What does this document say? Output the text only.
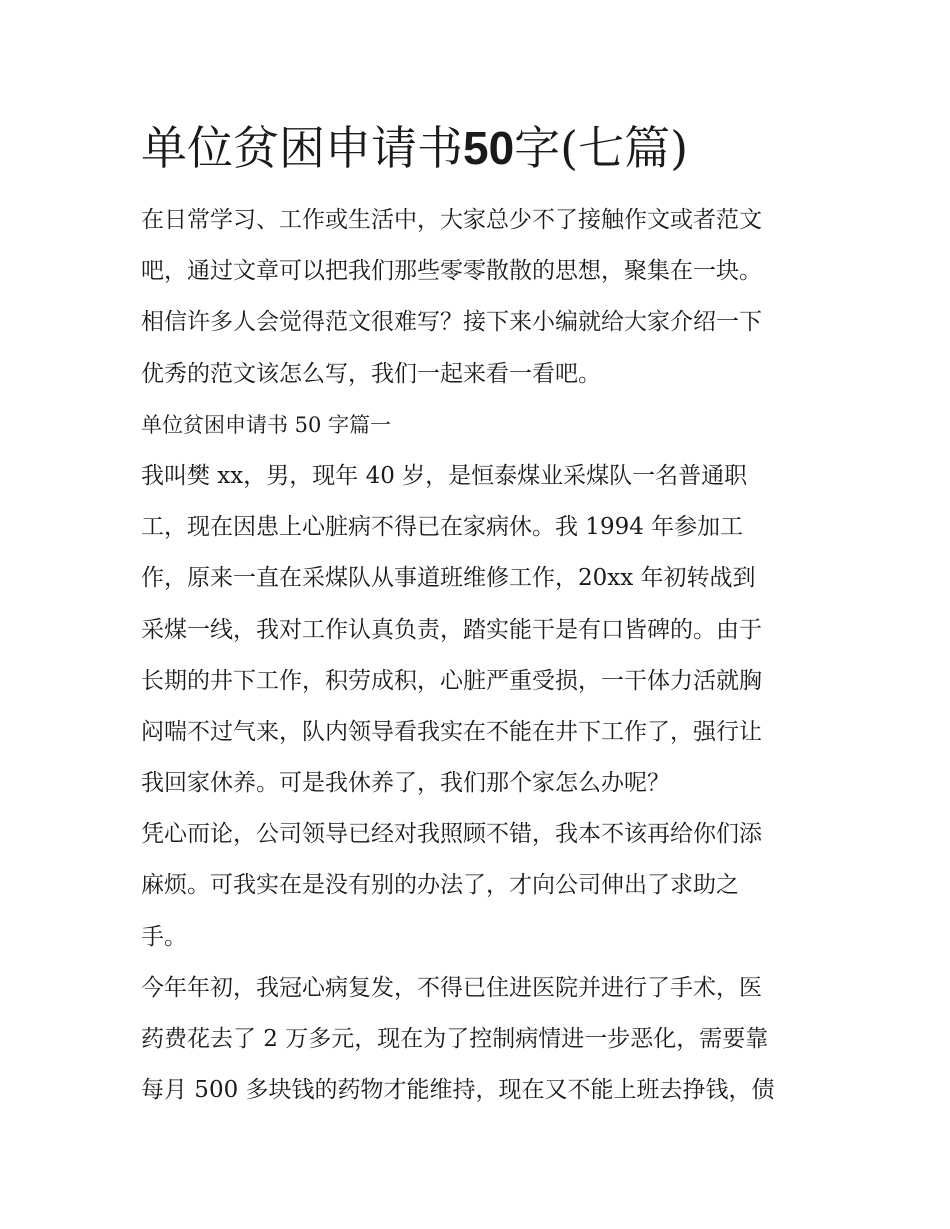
单位贫困申请书50字(七篇)
在日常学习、工作或生活中，大家总少不了接触作文或者范文
吧，通过文章可以把我们那些零零散散的思想，聚集在一块。
相信许多人会觉得范文很难写？接下来小编就给大家介绍一下
优秀的范文该怎么写，我们一起来看一看吧。
单位贫困申请书 50 字篇一
我叫樊 xx，男，现年 40 岁，是恒泰煤业采煤队一名普通职
工，现在因患上心脏病不得已在家病休。我 1994 年参加工
作，原来一直在采煤队从事道班维修工作，20xx 年初转战到
采煤一线，我对工作认真负责，踏实能干是有口皆碑的。由于
长期的井下工作，积劳成积，心脏严重受损，一干体力活就胸
闷喘不过气来，队内领导看我实在不能在井下工作了，强行让
我回家休养。可是我休养了，我们那个家怎么办呢？
凭心而论，公司领导已经对我照顾不错，我本不该再给你们添
麻烦。可我实在是没有别的办法了，才向公司伸出了求助之
手。
今年年初，我冠心病复发，不得已住进医院并进行了手术，医
药费花去了 2 万多元，现在为了控制病情进一步恶化，需要靠
每月 500 多块钱的药物才能维持，现在又不能上班去挣钱，债
